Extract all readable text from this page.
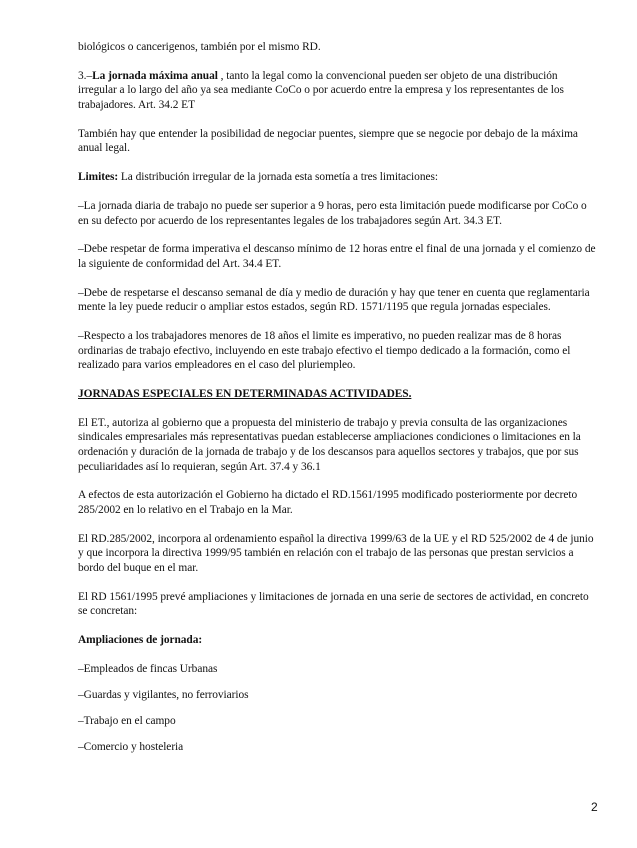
biológicos o cancerigenos, también por el mismo RD.

3.–La jornada máxima anual , tanto la legal como la convencional pueden ser objeto de una distribución irregular a lo largo del año ya sea mediante CoCo o por acuerdo entre la empresa y los representantes de los trabajadores. Art. 34.2 ET

También hay que entender la posibilidad de negociar puentes, siempre que se negocie por debajo de la máxima anual legal.

Limites: La distribución irregular de la jornada esta sometía a tres limitaciones:

–La jornada diaria de trabajo no puede ser superior a 9 horas, pero esta limitación puede modificarse por CoCo o en su defecto por acuerdo de los representantes legales de los trabajadores según Art. 34.3 ET.

–Debe respetar de forma imperativa el descanso mínimo de 12 horas entre el final de una jornada y el comienzo de la siguiente de conformidad del Art. 34.4 ET.

–Debe de respetarse el descanso semanal de día y medio de duración y hay que tener en cuenta que reglamentaria mente la ley puede reducir o ampliar estos estados, según RD. 1571/1195 que regula jornadas especiales.

–Respecto a los trabajadores menores de 18 años el limite es imperativo, no pueden realizar mas de 8 horas ordinarias de trabajo efectivo, incluyendo en este trabajo efectivo el tiempo dedicado a la formación, como el realizado para varios empleadores en el caso del pluriempleo.

JORNADAS ESPECIALES EN DETERMINADAS ACTIVIDADES.

El ET., autoriza al gobierno que a propuesta del ministerio de trabajo y previa consulta de las organizaciones sindicales empresariales más representativas puedan establecerse ampliaciones condiciones o limitaciones en la ordenación y duración de la jornada de trabajo y de los descansos para aquellos sectores y trabajos, que por sus peculiaridades así lo requieran, según Art. 37.4 y 36.1

A efectos de esta autorización el Gobierno ha dictado el RD.1561/1995 modificado posteriormente por decreto 285/2002 en lo relativo en el Trabajo en la Mar.

El RD.285/2002, incorpora al ordenamiento español la directiva 1999/63 de la UE y el RD 525/2002 de 4 de junio y que incorpora la directiva 1999/95 también en relación con el trabajo de las personas que prestan servicios a bordo del buque en el mar.

El RD 1561/1995 prevé ampliaciones y limitaciones de jornada en una serie de sectores de actividad, en concreto se concretan:

Ampliaciones de jornada:

–Empleados de fincas Urbanas

–Guardas y vigilantes, no ferroviarios

–Trabajo en el campo

–Comercio y hosteleria

2
